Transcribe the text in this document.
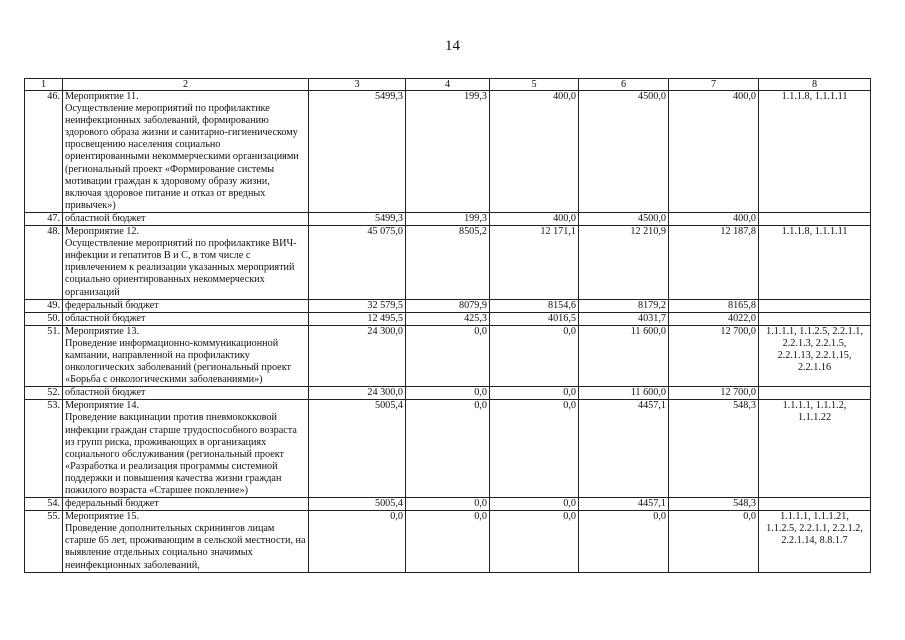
14
1	2	3	4	5	6	7	8
46.	Мероприятие 11.
Осуществление мероприятий по профилактике неинфекционных заболеваний, формированию здорового образа жизни и санитарно-гигиеническому просвещению населения социально ориентированными некоммерческими организациями (региональный проект «Формирование системы мотивации граждан к здоровому образу жизни, включая здоровое питание и отказ от вредных привычек»)	5499,3	199,3	400,0	4500,0	400,0	1.1.1.8, 1.1.1.11
47.	областной бюджет	5499,3	199,3	400,0	4500,0	400,0	
48.	Мероприятие 12.
Осуществление мероприятий по профилактике ВИЧ-инфекции и гепатитов В и С, в том числе с привлечением к реализации указанных мероприятий социально ориентированных некоммерческих организаций	45 075,0	8505,2	12 171,1	12 210,9	12 187,8	1.1.1.8, 1.1.1.11
49.	федеральный бюджет	32 579,5	8079,9	8154,6	8179,2	8165,8	
50.	областной бюджет	12 495,5	425,3	4016,5	4031,7	4022,0	
51.	Мероприятие 13.
Проведение информационно-коммуникационной кампании, направленной на профилактику онкологических заболеваний (региональный проект «Борьба с онкологическими заболеваниями»)	24 300,0	0,0	0,0	11 600,0	12 700,0	1.1.1.1, 1.1.2.5, 2.2.1.1,
2.2.1.3, 2.2.1.5,
2.2.1.13, 2.2.1.15,
2.2.1.16
52.	областной бюджет	24 300,0	0,0	0,0	11 600,0	12 700,0	
53.	Мероприятие 14.
Проведение вакцинации против пневмококковой инфекции граждан старше трудоспособного возраста из групп риска, проживающих в организациях социального обслуживания (региональный проект «Разработка и реализация программы системной поддержки и повышения качества жизни граждан пожилого возраста «Старшее поколение»)	5005,4	0,0	0,0	4457,1	548,3	1.1.1.1, 1.1.1.2,
1.1.1.22
54.	федеральный бюджет	5005,4	0,0	0,0	4457,1	548,3	
55.	Мероприятие 15.
Проведение дополнительных скринингов лицам старше 65 лет, проживающим в сельской местности, на выявление отдельных социально значимых неинфекционных заболеваний,	0,0	0,0	0,0	0,0	0,0	1.1.1.1, 1.1.1.21,
1.1.2.5, 2.2.1.1, 2.2.1.2,
2.2.1.14, 8.8.1.7
